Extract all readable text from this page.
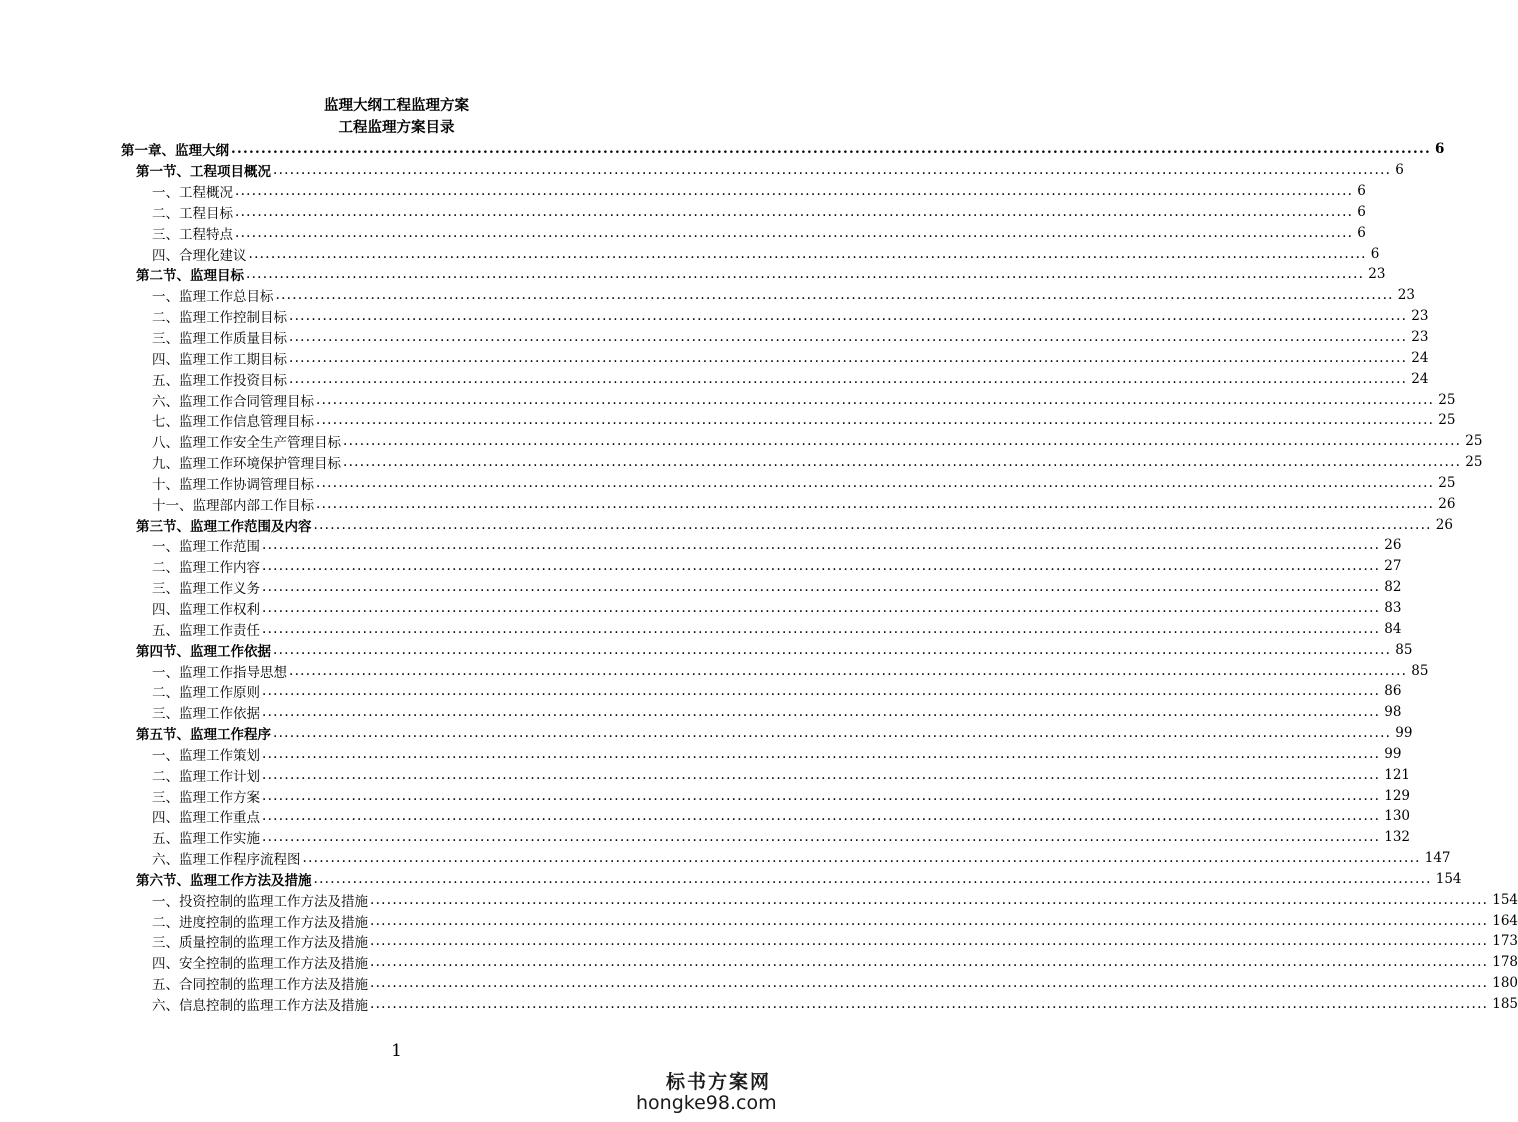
监理大纲工程监理方案
工程监理方案目录
第一章、监理大纲 ........................................................................................................................................................................................................ 6
第一节、工程项目概况 ........................................................................................................................................................................................................ 6
一、工程概况 ........................................................................................................................................................................................................ 6
二、工程目标 ........................................................................................................................................................................................................ 6
三、工程特点 ........................................................................................................................................................................................................ 6
四、合理化建议 ........................................................................................................................................................................................................ 6
第二节、监理目标 ........................................................................................................................................................................................................ 23
一、监理工作总目标 ........................................................................................................................................................................................................ 23
二、监理工作控制目标 ........................................................................................................................................................................................................ 23
三、监理工作质量目标 ........................................................................................................................................................................................................ 23
四、监理工作工期目标 ........................................................................................................................................................................................................ 24
五、监理工作投资目标 ........................................................................................................................................................................................................ 24
六、监理工作合同管理目标 ........................................................................................................................................................................................................ 25
七、监理工作信息管理目标 ........................................................................................................................................................................................................ 25
八、监理工作安全生产管理目标 ........................................................................................................................................................................................................ 25
九、监理工作环境保护管理目标 ........................................................................................................................................................................................................ 25
十、监理工作协调管理目标 ........................................................................................................................................................................................................ 25
十一、监理部内部工作目标 ........................................................................................................................................................................................................ 26
第三节、监理工作范围及内容 ........................................................................................................................................................................................................ 26
一、监理工作范围 ........................................................................................................................................................................................................ 26
二、监理工作内容 ........................................................................................................................................................................................................ 27
三、监理工作义务 ........................................................................................................................................................................................................ 82
四、监理工作权利 ........................................................................................................................................................................................................ 83
五、监理工作责任 ........................................................................................................................................................................................................ 84
第四节、监理工作依据 ........................................................................................................................................................................................................ 85
一、监理工作指导思想 ........................................................................................................................................................................................................ 85
二、监理工作原则 ........................................................................................................................................................................................................ 86
三、监理工作依据 ........................................................................................................................................................................................................ 98
第五节、监理工作程序 ........................................................................................................................................................................................................ 99
一、监理工作策划 ........................................................................................................................................................................................................ 99
二、监理工作计划 ........................................................................................................................................................................................................ 121
三、监理工作方案 ........................................................................................................................................................................................................ 129
四、监理工作重点 ........................................................................................................................................................................................................ 130
五、监理工作实施 ........................................................................................................................................................................................................ 132
六、监理工作程序流程图 ........................................................................................................................................................................................................ 147
第六节、监理工作方法及措施 ........................................................................................................................................................................................................ 154
一、投资控制的监理工作方法及措施 ........................................................................................................................................................................................................ 154
二、进度控制的监理工作方法及措施 ........................................................................................................................................................................................................ 164
三、质量控制的监理工作方法及措施 ........................................................................................................................................................................................................ 173
四、安全控制的监理工作方法及措施 ........................................................................................................................................................................................................ 178
五、合同控制的监理工作方法及措施 ........................................................................................................................................................................................................ 180
六、信息控制的监理工作方法及措施 ........................................................................................................................................................................................................ 185
1
标书方案网
hongke98.com
